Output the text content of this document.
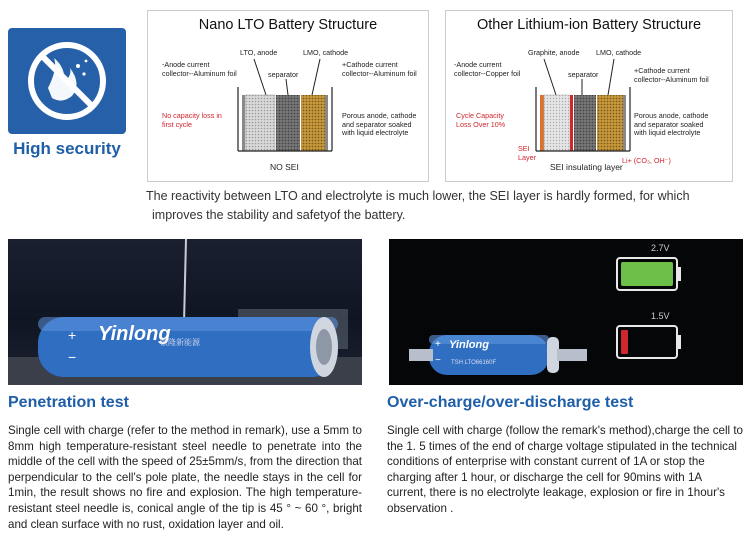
High security
Nano LTO Battery Structure
LTO, anode	LMO, cathode
-Anode current
collector--Aluminum foil
+Cathode current
collector--Aluminum foil
separator
No capacity loss in
first cycle
Porous anode, cathode
and separator soaked
with liquid electrolyte
NO SEI
Other Lithium-ion Battery Structure
Graphite, anode LMO, cathode
-Anode current
collector--Copper foil	+Cathode current
collector--Aluminum foil
separator
Cycle Capacity
Loss Over 10%
Porous anode, cathode
and separator soaked
with liquid electrolyte
SEI
Layer	Li+ (CO₃, OH⁻)
SEI insulating layer
The reactivity between LTO and electrolyte is much lower, the SEI layer is hardly formed, for which
improves the stability and safetyof the battery.
Yinlong
银隆新能源
+
−
Yinlong
TSH LTO66160F
+
−
2.7V
1.5V
Penetration test
Single cell with charge (refer to the method in remark), use a 5mm to 8mm high temperature-resistant steel needle to penetrate into the middle of the cell with the speed of 25±5mm/s, from the direction that perpendicular to the cell's pole plate, the needle stays in the cell for 1min, the result shows no fire and explosion. The high temperature-resistant steel needle is, conical angle of the tip is 45 ° ~ 60 °, bright and clean surface with no rust, oxidation layer and oil.
Over-charge/over-discharge test
Single cell with charge (follow the remark's method),charge the cell to the 1. 5 times of the end of charge voltage stipulated in the technical conditions of enterprise with constant current of 1A or stop the charging after 1 hour, or discharge the cell for 90mins with 1A current, there is no electrolyte leakage, explosion or fire in 1hour's observation .
